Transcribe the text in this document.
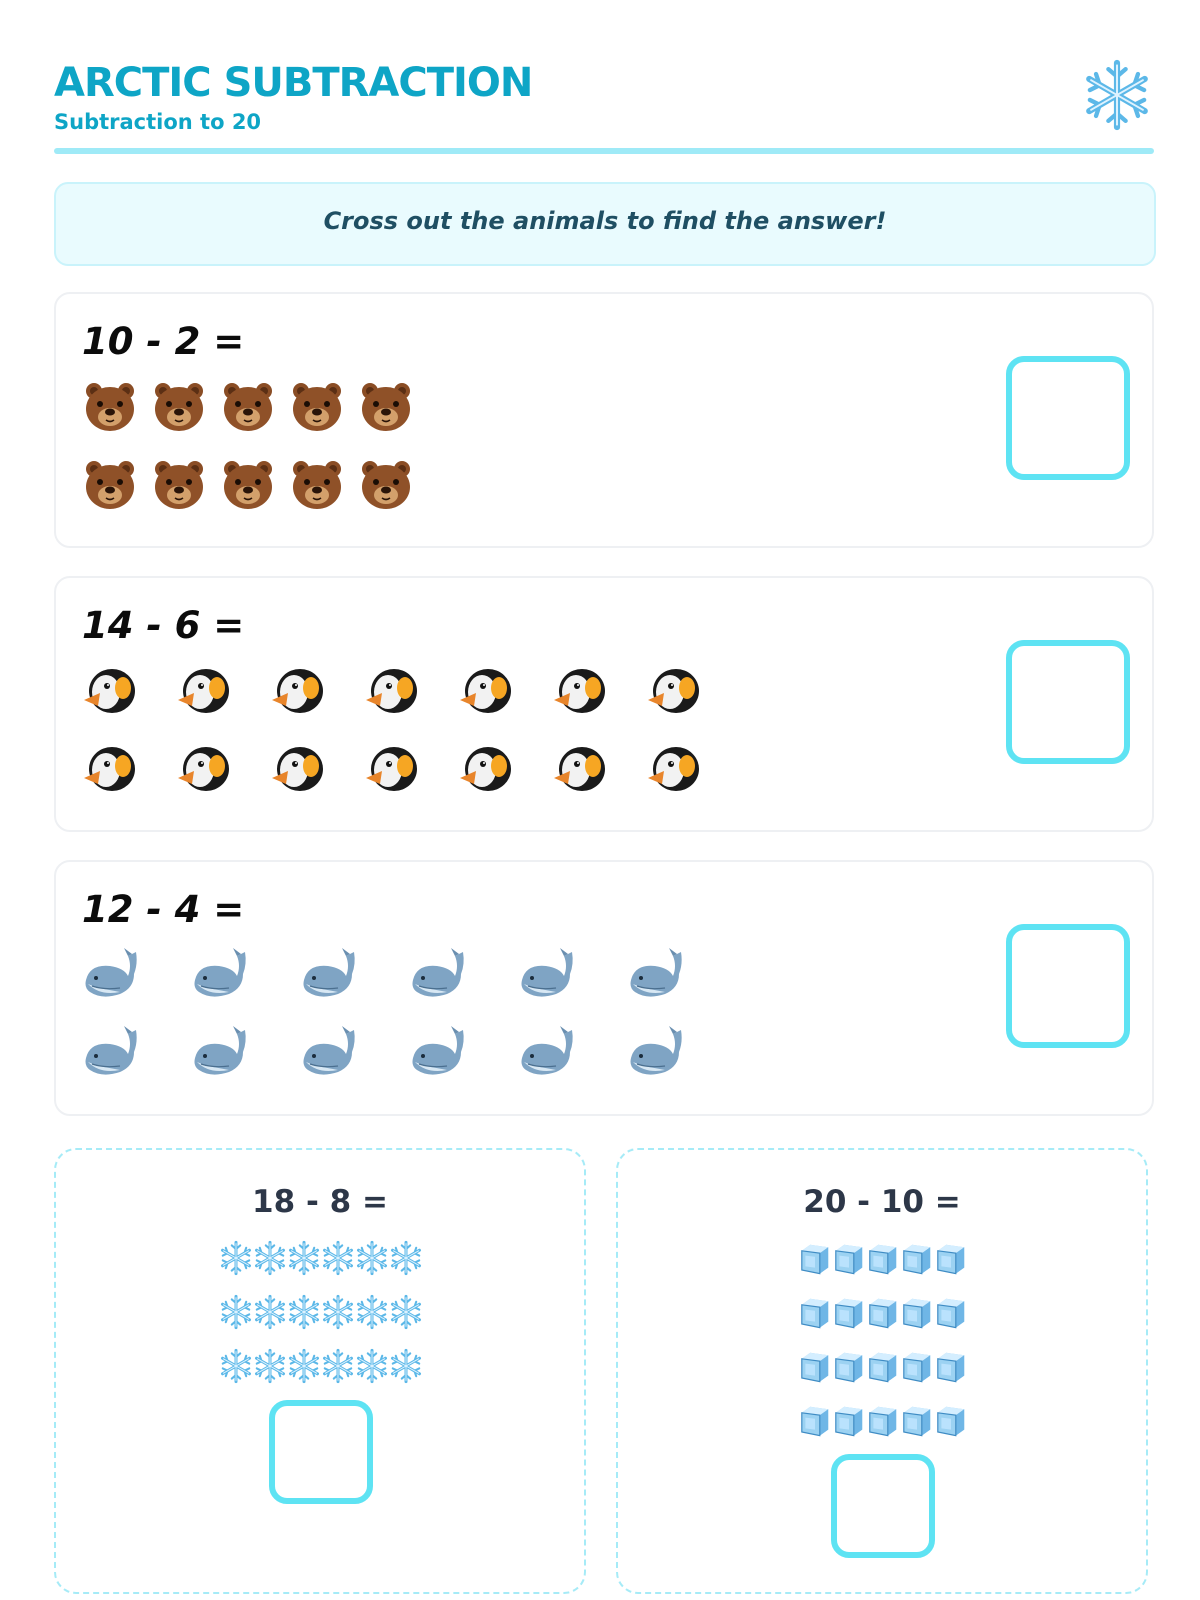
ARCTIC SUBTRACTION
Subtraction to 20
Cross out the animals to find the answer!
10 - 2 =
14 - 6 =
12 - 4 =
18 - 8 =	20 - 10 =
